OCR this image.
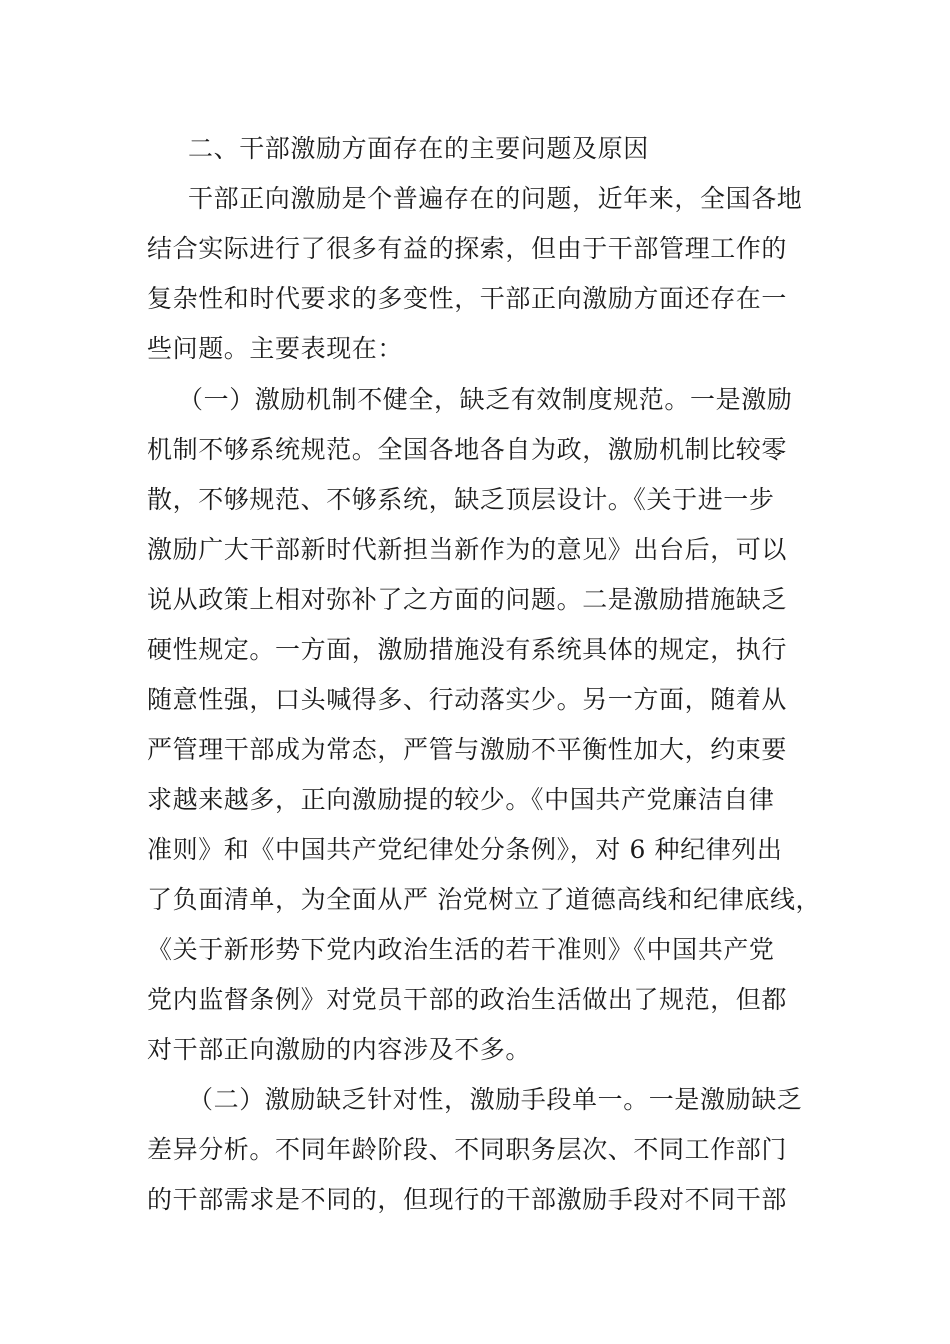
二、干部激励方面存在的主要问题及原因
干部正向激励是个普遍存在的问题，近年来，全国各地
结合实际进行了很多有益的探索，但由于干部管理工作的
复杂性和时代要求的多变性，干部正向激励方面还存在一
些问题。主要表现在：
（一）激励机制不健全，缺乏有效制度规范。一是激励
机制不够系统规范。全国各地各自为政，激励机制比较零
散，不够规范、不够系统，缺乏顶层设计。《关于进一步
激励广大干部新时代新担当新作为的意见》出台后，可以
说从政策上相对弥补了之方面的问题。二是激励措施缺乏
硬性规定。一方面，激励措施没有系统具体的规定，执行
随意性强，口头喊得多、行动落实少。另一方面，随着从
严管理干部成为常态，严管与激励不平衡性加大，约束要
求越来越多，正向激励提的较少。《中国共产党廉洁自律
准则》和《中国共产党纪律处分条例》，对 6 种纪律列出
了负面清单，为全面从严 治党树立了道德高线和纪律底线，
《关于新形势下党内政治生活的若干准则》《中国共产党
党内监督条例》对党员干部的政治生活做出了规范，但都
对干部正向激励的内容涉及不多。
（二）激励缺乏针对性，激励手段单一。一是激励缺乏
差异分析。不同年龄阶段、不同职务层次、不同工作部门
的干部需求是不同的，但现行的干部激励手段对不同干部
